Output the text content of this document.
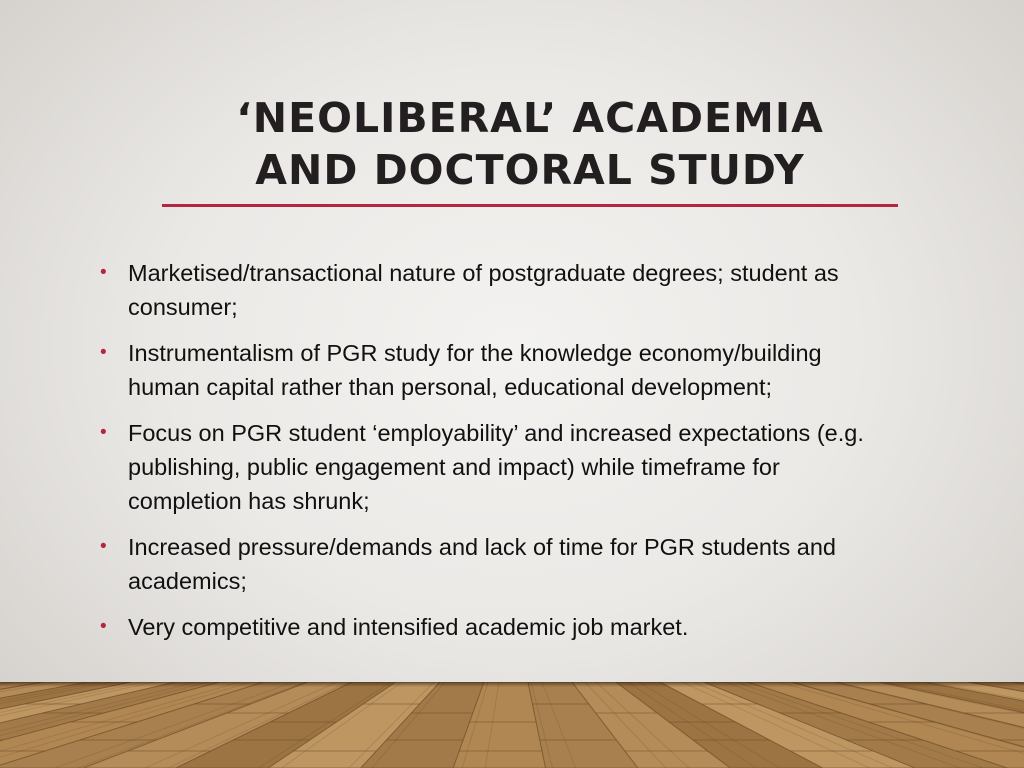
‘NEOLIBERAL’ ACADEMIA
AND DOCTORAL STUDY
• Marketised/transactional nature of postgraduate degrees; student as
consumer;
• Instrumentalism of PGR study for the knowledge economy/building
human capital rather than personal, educational development;
• Focus on PGR student ‘employability’ and increased expectations (e.g.
publishing, public engagement and impact) while timeframe for
completion has shrunk;
• Increased pressure/demands and lack of time for PGR students and
academics;
• Very competitive and intensified academic job market.
